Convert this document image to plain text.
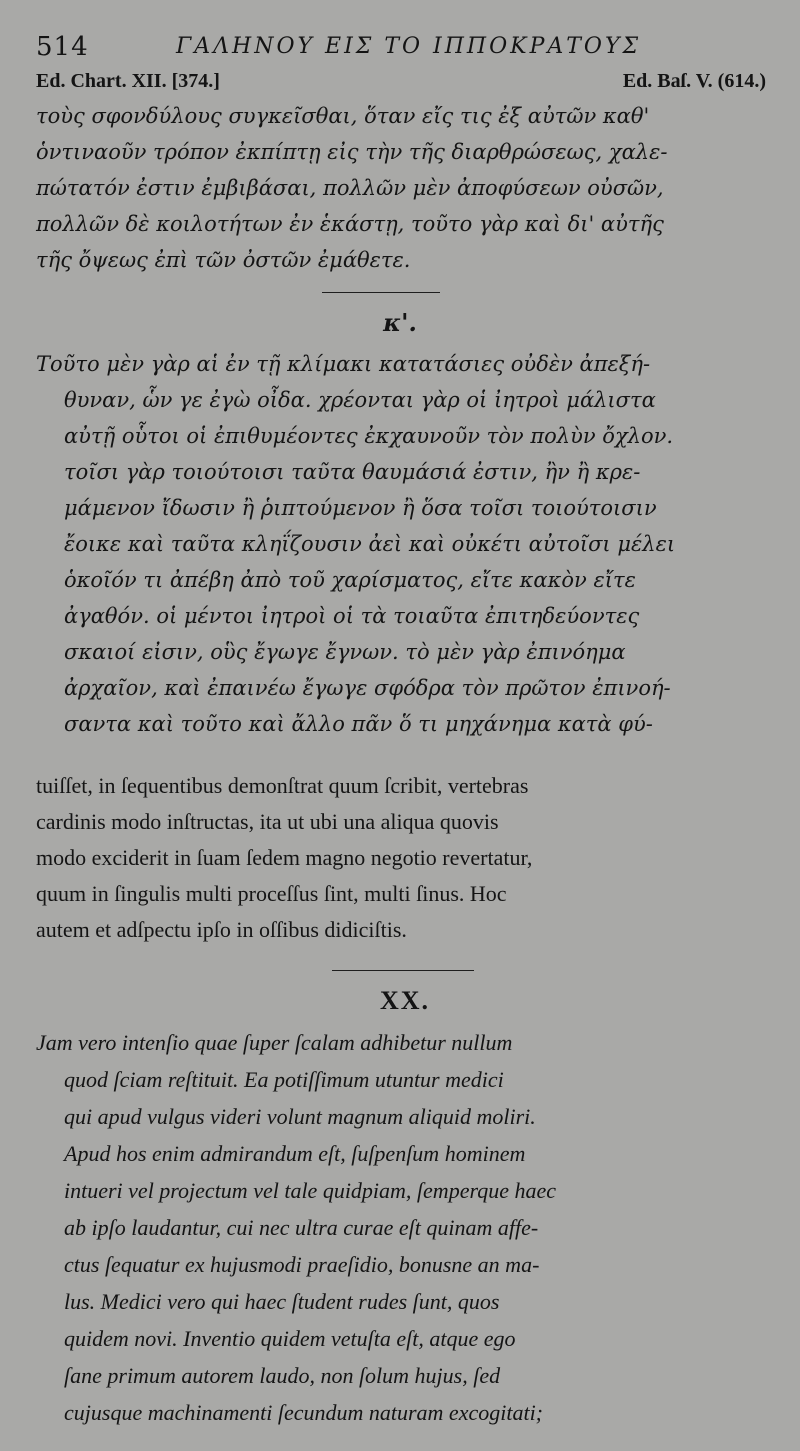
514	ΓΑΛΗΝΟΥ ΕΙΣ ΤΟ ΙΠΠΟΚΡΑΤΟΥΣ
Ed. Chart. XII. [374.]	Ed. Baſ. V. (614.)
τοὺς σφονδύλους συγκεῖσθαι, ὅταν εἴς τις ἐξ αὐτῶν καθ'
ὁντιναοῦν τρόπον ἐκπίπτῃ εἰς τὴν τῆς διαρθρώσεως, χαλε-
πώτατόν ἐστιν ἐμβιβάσαι, πολλῶν μὲν ἀποφύσεων οὐσῶν,
πολλῶν δὲ κοιλοτήτων ἐν ἑκάστῃ, τοῦτο γὰρ καὶ δι' αὐτῆς
τῆς ὄψεως ἐπὶ τῶν ὀστῶν ἐμάθετε.
κ'.
Τοῦτο μὲν γὰρ αἱ ἐν τῇ κλίμακι κατατάσιες οὐδὲν ἀπεξή-
θυναν, ὧν γε ἐγὼ οἶδα. χρέονται γὰρ οἱ ἰητροὶ μάλιστα
αὐτῇ οὗτοι οἱ ἐπιθυμέοντες ἐκχαυνοῦν τὸν πολὺν ὄχλον.
τοῖσι γὰρ τοιούτοισι ταῦτα θαυμάσιά ἐστιν, ἢν ἢ κρε-
μάμενον ἴδωσιν ἢ ῥιπτούμενον ἢ ὅσα τοῖσι τοιούτοισιν
ἔοικε καὶ ταῦτα κληΐζουσιν ἀεὶ καὶ οὐκέτι αὐτοῖσι μέλει
ὁκοῖόν τι ἀπέβη ἀπὸ τοῦ χαρίσματος, εἴτε κακὸν εἴτε
ἀγαθόν. οἱ μέντοι ἰητροὶ οἱ τὰ τοιαῦτα ἐπιτηδεύοντες
σκαιοί εἰσιν, οὓς ἔγωγε ἔγνων. τὸ μὲν γὰρ ἐπινόημα
ἀρχαῖον, καὶ ἐπαινέω ἔγωγε σφόδρα τὸν πρῶτον ἐπινοή-
σαντα καὶ τοῦτο καὶ ἄλλο πᾶν ὅ τι μηχάνημα κατὰ φύ-
tuiſſet, in ſequentibus demonſtrat quum ſcribit, vertebras
cardinis modo inſtructas, ita ut ubi una aliqua quovis
modo exciderit in ſuam ſedem magno negotio revertatur,
quum in ſingulis multi proceſſus ſint, multi ſinus. Hoc
autem et adſpectu ipſo in oſſibus didiciſtis.
XX.
Jam vero intenſio quae ſuper ſcalam adhibetur nullum
quod ſciam reſtituit. Ea potiſſimum utuntur medici
qui apud vulgus videri volunt magnum aliquid moliri.
Apud hos enim admirandum eſt, ſuſpenſum hominem
intueri vel projectum vel tale quidpiam, ſemperque haec
ab ipſo laudantur, cui nec ultra curae eſt quinam affe-
ctus ſequatur ex hujusmodi praeſidio, bonusne an ma-
lus. Medici vero qui haec ſtudent rudes ſunt, quos
quidem novi. Inventio quidem vetuſta eſt, atque ego
ſane primum autorem laudo, non ſolum hujus, ſed
cujusque machinamenti ſecundum naturam excogitati;
